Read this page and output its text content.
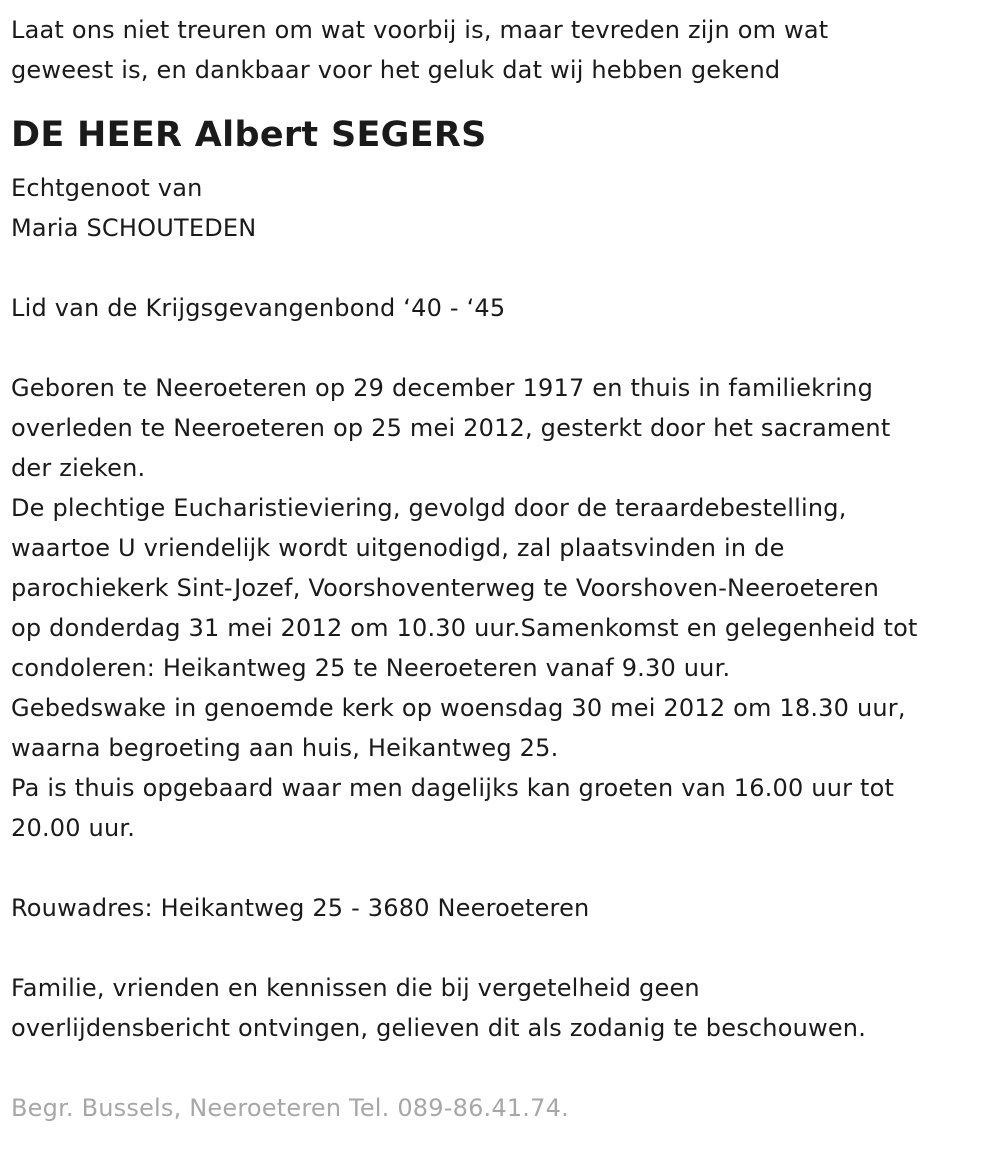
Laat ons niet treuren om wat voorbij is, maar tevreden zijn om wat
geweest is, en dankbaar voor het geluk dat wij hebben gekend
DE HEER Albert SEGERS
Echtgenoot van
Maria SCHOUTEDEN
Lid van de Krijgsgevangenbond ‘40 - ‘45
Geboren te Neeroeteren op 29 december 1917 en thuis in familiekring
overleden te Neeroeteren op 25 mei 2012, gesterkt door het sacrament
der zieken.
De plechtige Eucharistieviering, gevolgd door de teraardebestelling,
waartoe U vriendelijk wordt uitgenodigd, zal plaatsvinden in de
parochiekerk Sint-Jozef, Voorshoventerweg te Voorshoven-Neeroeteren
op donderdag 31 mei 2012 om 10.30 uur.Samenkomst en gelegenheid tot
condoleren: Heikantweg 25 te Neeroeteren vanaf 9.30 uur.
Gebedswake in genoemde kerk op woensdag 30 mei 2012 om 18.30 uur,
waarna begroeting aan huis, Heikantweg 25.
Pa is thuis opgebaard waar men dagelijks kan groeten van 16.00 uur tot
20.00 uur.
Rouwadres: Heikantweg 25 - 3680 Neeroeteren
Familie, vrienden en kennissen die bij vergetelheid geen
overlijdensbericht ontvingen, gelieven dit als zodanig te beschouwen.
Begr. Bussels, Neeroeteren Tel. 089-86.41.74.
